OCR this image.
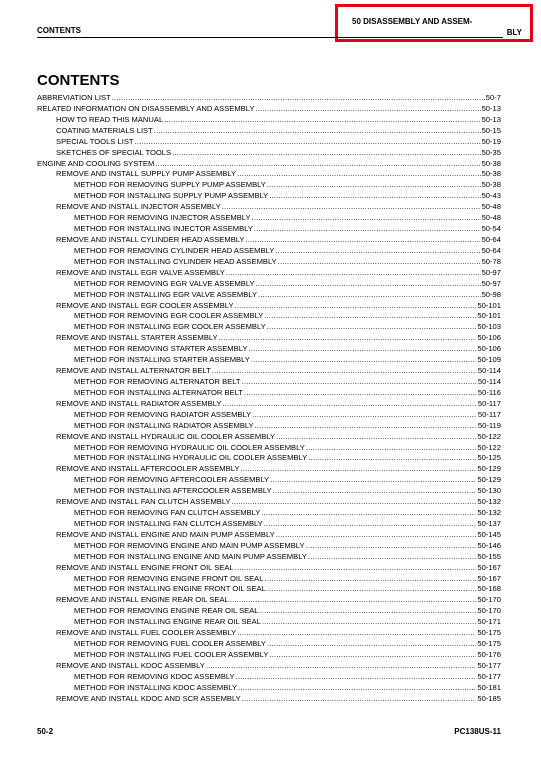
CONTENTS
50 DISASSEMBLY AND ASSEM-
BLY
CONTENTS
ABBREVIATION LIST .....	50-7
RELATED INFORMATION ON DISASSEMBLY AND ASSEMBLY .....	50-13
HOW TO READ THIS MANUAL .....	50-13
COATING MATERIALS LIST .....	50-15
SPECIAL TOOLS LIST .....	50-19
SKETCHES OF SPECIAL TOOLS .....	50-35
ENGINE AND COOLING SYSTEM .....	50-38
REMOVE AND INSTALL SUPPLY PUMP ASSEMBLY .....	50-38
METHOD FOR REMOVING SUPPLY PUMP ASSEMBLY .....	50-38
METHOD FOR INSTALLING SUPPLY PUMP ASSEMBLY .....	50-43
REMOVE AND INSTALL INJECTOR ASSEMBLY .....	50-48
METHOD FOR REMOVING INJECTOR ASSEMBLY .....	50-48
METHOD FOR INSTALLING INJECTOR ASSEMBLY .....	50-54
REMOVE AND INSTALL CYLINDER HEAD ASSEMBLY .....	50-64
METHOD FOR REMOVING CYLINDER HEAD ASSEMBLY .....	50-64
METHOD FOR INSTALLING CYLINDER HEAD ASSEMBLY .....	50-78
REMOVE AND INSTALL EGR VALVE ASSEMBLY .....	50-97
METHOD FOR REMOVING EGR VALVE ASSEMBLY .....	50-97
METHOD FOR INSTALLING EGR VALVE ASSEMBLY .....	50-98
REMOVE AND INSTALL EGR COOLER ASSEMBLY .....	50-101
METHOD FOR REMOVING EGR COOLER ASSEMBLY .....	50-101
METHOD FOR INSTALLING EGR COOLER ASSEMBLY .....	50-103
REMOVE AND INSTALL STARTER ASSEMBLY .....	50-106
METHOD FOR REMOVING STARTER ASSEMBLY .....	50-106
METHOD FOR INSTALLING STARTER ASSEMBLY .....	50-109
REMOVE AND INSTALL ALTERNATOR BELT .....	50-114
METHOD FOR REMOVING ALTERNATOR BELT .....	50-114
METHOD FOR INSTALLING ALTERNATOR BELT .....	50-116
REMOVE AND INSTALL RADIATOR ASSEMBLY .....	50-117
METHOD FOR REMOVING RADIATOR ASSEMBLY .....	50-117
METHOD FOR INSTALLING RADIATOR ASSEMBLY .....	50-119
REMOVE AND INSTALL HYDRAULIC OIL COOLER ASSEMBLY .....	50-122
METHOD FOR REMOVING HYDRAULIC OIL COOLER ASSEMBLY .....	50-122
METHOD FOR INSTALLING HYDRAULIC OIL COOLER ASSEMBLY .....	50-125
REMOVE AND INSTALL AFTERCOOLER ASSEMBLY .....	50-129
METHOD FOR REMOVING AFTERCOOLER ASSEMBLY .....	50-129
METHOD FOR INSTALLING AFTERCOOLER ASSEMBLY .....	50-130
REMOVE AND INSTALL FAN CLUTCH ASSEMBLY .....	50-132
METHOD FOR REMOVING FAN CLUTCH ASSEMBLY .....	50-132
METHOD FOR INSTALLING FAN CLUTCH ASSEMBLY .....	50-137
REMOVE AND INSTALL ENGINE AND MAIN PUMP ASSEMBLY .....	50-145
METHOD FOR REMOVING ENGINE AND MAIN PUMP ASSEMBLY .....	50-146
METHOD FOR INSTALLING ENGINE AND MAIN PUMP ASSEMBLY .....	50-155
REMOVE AND INSTALL ENGINE FRONT OIL SEAL .....	50-167
METHOD FOR REMOVING ENGINE FRONT OIL SEAL .....	50-167
METHOD FOR INSTALLING ENGINE FRONT OIL SEAL .....	50-168
REMOVE AND INSTALL ENGINE REAR OIL SEAL .....	50-170
METHOD FOR REMOVING ENGINE REAR OIL SEAL .....	50-170
METHOD FOR INSTALLING ENGINE REAR OIL SEAL .....	50-171
REMOVE AND INSTALL FUEL COOLER ASSEMBLY .....	50-175
METHOD FOR REMOVING FUEL COOLER ASSEMBLY .....	50-175
METHOD FOR INSTALLING FUEL COOLER ASSEMBLY .....	50-176
REMOVE AND INSTALL KDOC ASSEMBLY .....	50-177
METHOD FOR REMOVING KDOC ASSEMBLY .....	50-177
METHOD FOR INSTALLING KDOC ASSEMBLY .....	50-181
REMOVE AND INSTALL KDOC AND SCR ASSEMBLY .....	50-185
50-2	PC138US-11
